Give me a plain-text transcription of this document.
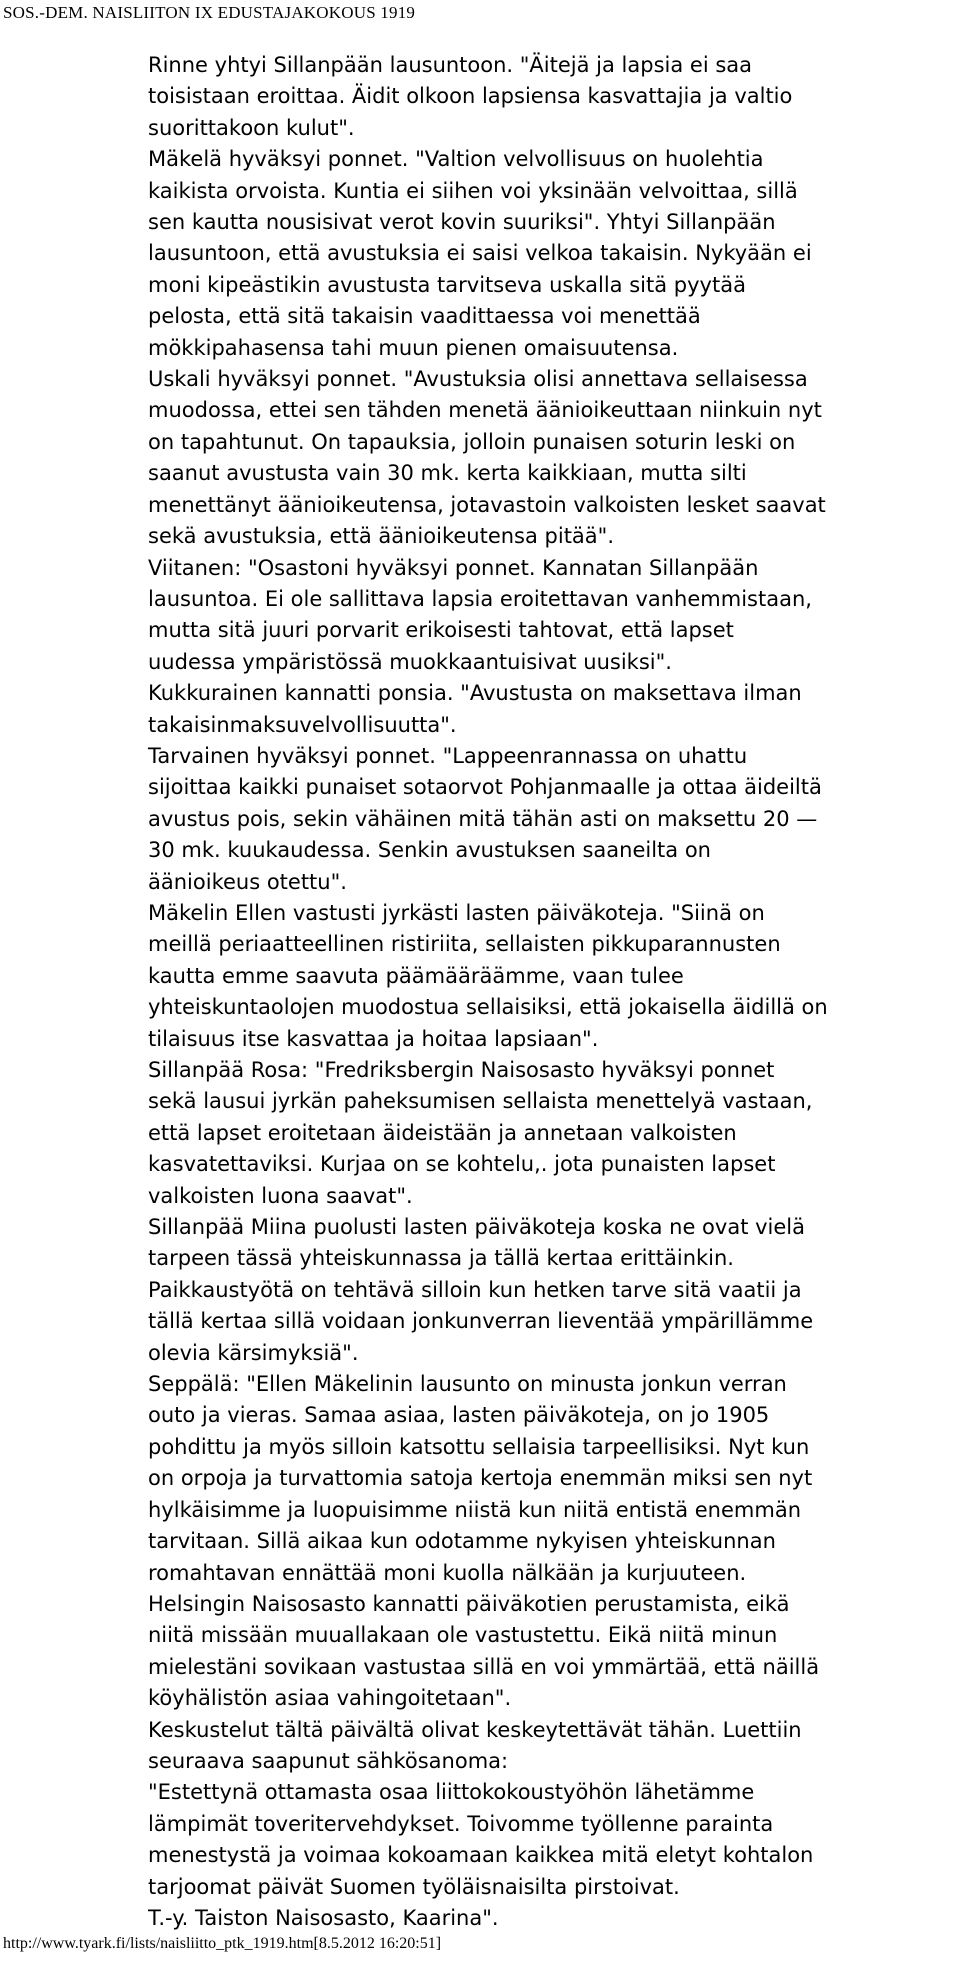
SOS.-DEM. NAISLIITON IX EDUSTAJAKOKOUS 1919

Rinne yhtyi Sillanpään lausuntoon. "Äitejä ja lapsia ei saa
toisistaan eroittaa. Äidit olkoon lapsiensa kasvattajia ja valtio
suorittakoon kulut".

Mäkelä hyväksyi ponnet. "Valtion velvollisuus on huolehtia
kaikista orvoista. Kuntia ei siihen voi yksinään velvoittaa, sillä
sen kautta nousisivat verot kovin suuriksi". Yhtyi Sillanpään
lausuntoon, että avustuksia ei saisi velkoa takaisin. Nykyään ei
moni kipeästikin avustusta tarvitseva uskalla sitä pyytää
pelosta, että sitä takaisin vaadittaessa voi menettää
mökkipahasensa tahi muun pienen omaisuutensa.

Uskali hyväksyi ponnet. "Avustuksia olisi annettava sellaisessa
muodossa, ettei sen tähden menetä äänioikeuttaan niinkuin nyt
on tapahtunut. On tapauksia, jolloin punaisen soturin leski on
saanut avustusta vain 30 mk. kerta kaikkiaan, mutta silti
menettänyt äänioikeutensa, jotavastoin valkoisten lesket saavat
sekä avustuksia, että äänioikeutensa pitää".

Viitanen: "Osastoni hyväksyi ponnet. Kannatan Sillanpään
lausuntoa. Ei ole sallittava lapsia eroitettavan vanhemmistaan,
mutta sitä juuri porvarit erikoisesti tahtovat, että lapset
uudessa ympäristössä muokkaantuisivat uusiksi".

Kukkurainen kannatti ponsia. "Avustusta on maksettava ilman
takaisinmaksuvelvollisuutta".

Tarvainen hyväksyi ponnet. "Lappeenrannassa on uhattu
sijoittaa kaikki punaiset sotaorvot Pohjanmaalle ja ottaa äideiltä
avustus pois, sekin vähäinen mitä tähän asti on maksettu 20 —
30 mk. kuukaudessa. Senkin avustuksen saaneilta on
äänioikeus otettu".

Mäkelin Ellen vastusti jyrkästi lasten päiväkoteja. "Siinä on
meillä periaatteellinen ristiriita, sellaisten pikkuparannusten
kautta emme saavuta päämääräämme, vaan tulee
yhteiskuntaolojen muodostua sellaisiksi, että jokaisella äidillä on
tilaisuus itse kasvattaa ja hoitaa lapsiaan".

Sillanpää Rosa: "Fredriksbergin Naisosasto hyväksyi ponnet
sekä lausui jyrkän paheksumisen sellaista menettelyä vastaan,
että lapset eroitetaan äideistään ja annetaan valkoisten
kasvatettaviksi. Kurjaa on se kohtelu,. jota punaisten lapset
valkoisten luona saavat".

Sillanpää Miina puolusti lasten päiväkoteja koska ne ovat vielä
tarpeen tässä yhteiskunnassa ja tällä kertaa erittäinkin.
Paikkaustyötä on tehtävä silloin kun hetken tarve sitä vaatii ja
tällä kertaa sillä voidaan jonkunverran lieventää ympärillämme
olevia kärsimyksiä".

Seppälä: "Ellen Mäkelinin lausunto on minusta jonkun verran
outo ja vieras. Samaa asiaa, lasten päiväkoteja, on jo 1905
pohdittu ja myös silloin katsottu sellaisia tarpeellisiksi. Nyt kun
on orpoja ja turvattomia satoja kertoja enemmän miksi sen nyt
hylkäisimme ja luopuisimme niistä kun niitä entistä enemmän
tarvitaan. Sillä aikaa kun odotamme nykyisen yhteiskunnan
romahtavan ennättää moni kuolla nälkään ja kurjuuteen.
Helsingin Naisosasto kannatti päiväkotien perustamista, eikä
niitä missään muuallakaan ole vastustettu. Eikä niitä minun
mielestäni sovikaan vastustaa sillä en voi ymmärtää, että näillä
köyhälistön asiaa vahingoitetaan".

Keskustelut tältä päivältä olivat keskeytettävät tähän. Luettiin
seuraava saapunut sähkösanoma:

"Estettynä ottamasta osaa liittokokoustyöhön lähetämme
lämpimät toveritervehdykset. Toivomme työllenne parainta
menestystä ja voimaa kokoamaan kaikkea mitä eletyt kohtalon
tarjoomat päivät Suomen työläisnaisilta pirstoivat.

T.-y. Taiston Naisosasto, Kaarina".

http://www.tyark.fi/lists/naisliitto_ptk_1919.htm[8.5.2012 16:20:51]
